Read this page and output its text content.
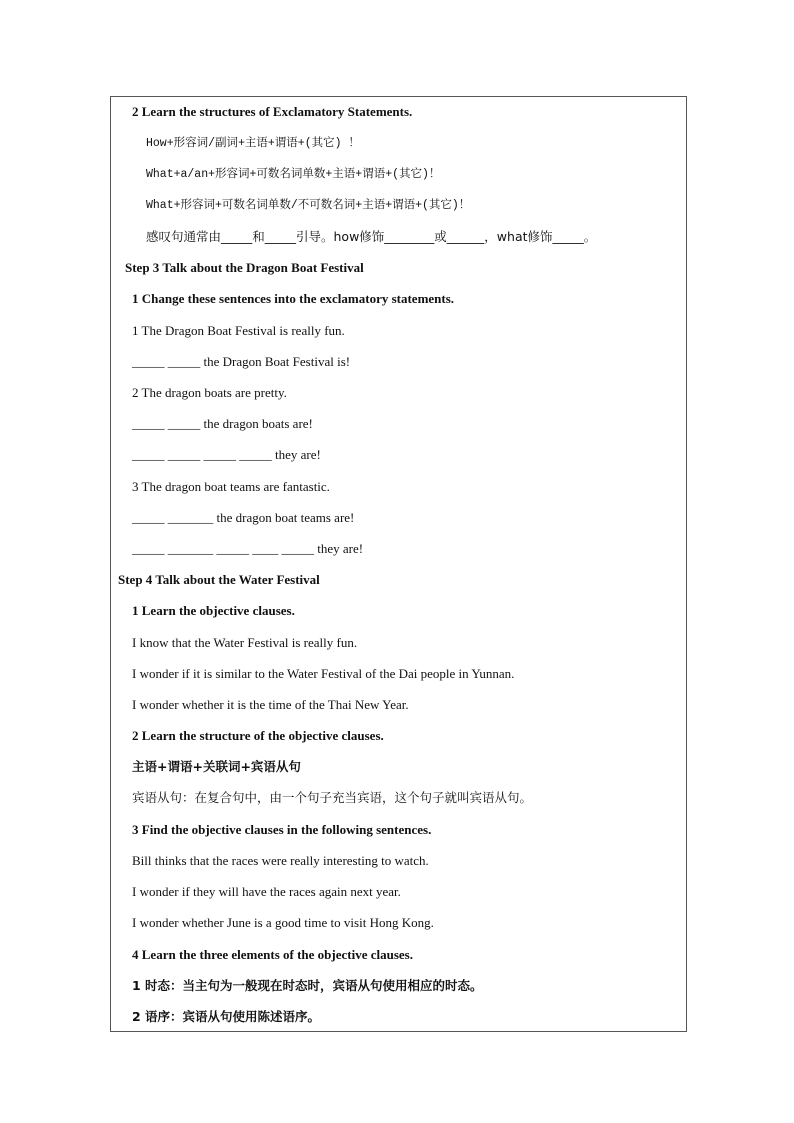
2 Learn the structures of Exclamatory Statements.
How+形容词/副词+主语+谓语+(其它) ！
What+a/an+形容词+可数名词单数+主语+谓语+(其它)！
What+形容词+可数名词单数/不可数名词+主语+谓语+(其它)！
感叹句通常由_____和_____引导。how修饰________或______，what修饰_____。
Step 3 Talk about the Dragon Boat Festival
1 Change these sentences into the exclamatory statements.
1 The Dragon Boat Festival is really fun.
_____ _____ the Dragon Boat Festival is!
2 The dragon boats are pretty.
_____ _____ the dragon boats are!
_____ _____ _____ _____ they are!
3 The dragon boat teams are fantastic.
_____ _______ the dragon boat teams are!
_____ _______ _____ ____ _____ they are!
Step 4 Talk about the Water Festival
1 Learn the objective clauses.
I know that the Water Festival is really fun.
I wonder if it is similar to the Water Festival of the Dai people in Yunnan.
I wonder whether it is the time of the Thai New Year.
2 Learn the structure of the objective clauses.
主语+谓语+关联词+宾语从句
宾语从句：在复合句中，由一个句子充当宾语，这个句子就叫宾语从句。
3 Find the objective clauses in the following sentences.
Bill thinks that the races were really interesting to watch.
I wonder if they will have the races again next year.
I wonder whether June is a good time to visit Hong Kong.
4 Learn the three elements of the objective clauses.
1 时态：当主句为一般现在时态时，宾语从句使用相应的时态。
2 语序：宾语从句使用陈述语序。
